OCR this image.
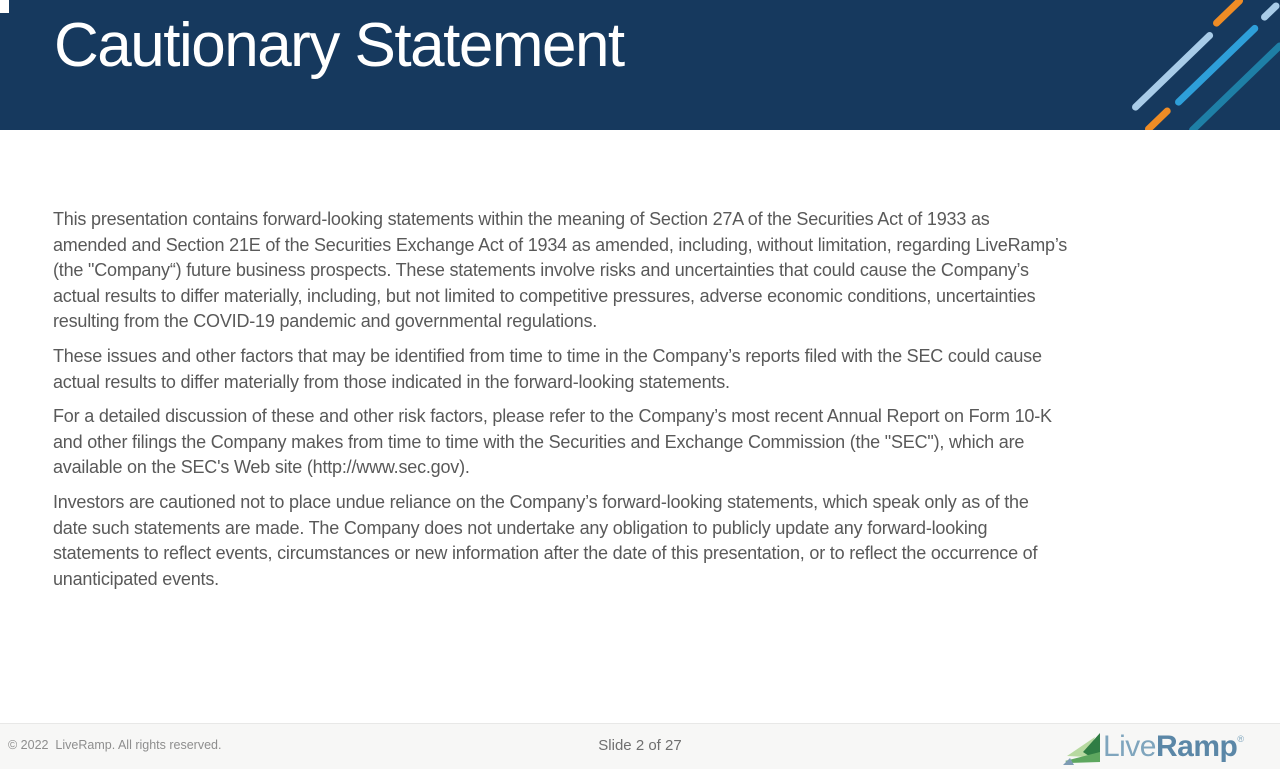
Cautionary Statement
This presentation contains forward-looking statements within the meaning of Section 27A of the Securities Act of 1933 as
amended and Section 21E of the Securities Exchange Act of 1934 as amended, including, without limitation, regarding LiveRamp’s
(the "Company“) future business prospects. These statements involve risks and uncertainties that could cause the Company’s
actual results to differ materially, including, but not limited to competitive pressures, adverse economic conditions, uncertainties
resulting from the COVID-19 pandemic and governmental regulations.
These issues and other factors that may be identified from time to time in the Company’s reports filed with the SEC could cause
actual results to differ materially from those indicated in the forward-looking statements.
For a detailed discussion of these and other risk factors, please refer to the Company’s most recent Annual Report on Form 10-K
and other filings the Company makes from time to time with the Securities and Exchange Commission (the "SEC"), which are
available on the SEC's Web site (http://www.sec.gov).
Investors are cautioned not to place undue reliance on the Company’s forward-looking statements, which speak only as of the
date such statements are made. The Company does not undertake any obligation to publicly update any forward-looking
statements to reflect events, circumstances or new information after the date of this presentation, or to reflect the occurrence of
unanticipated events.
© 2022  LiveRamp. All rights reserved.	Slide 2 of 27	Live Ramp ®
